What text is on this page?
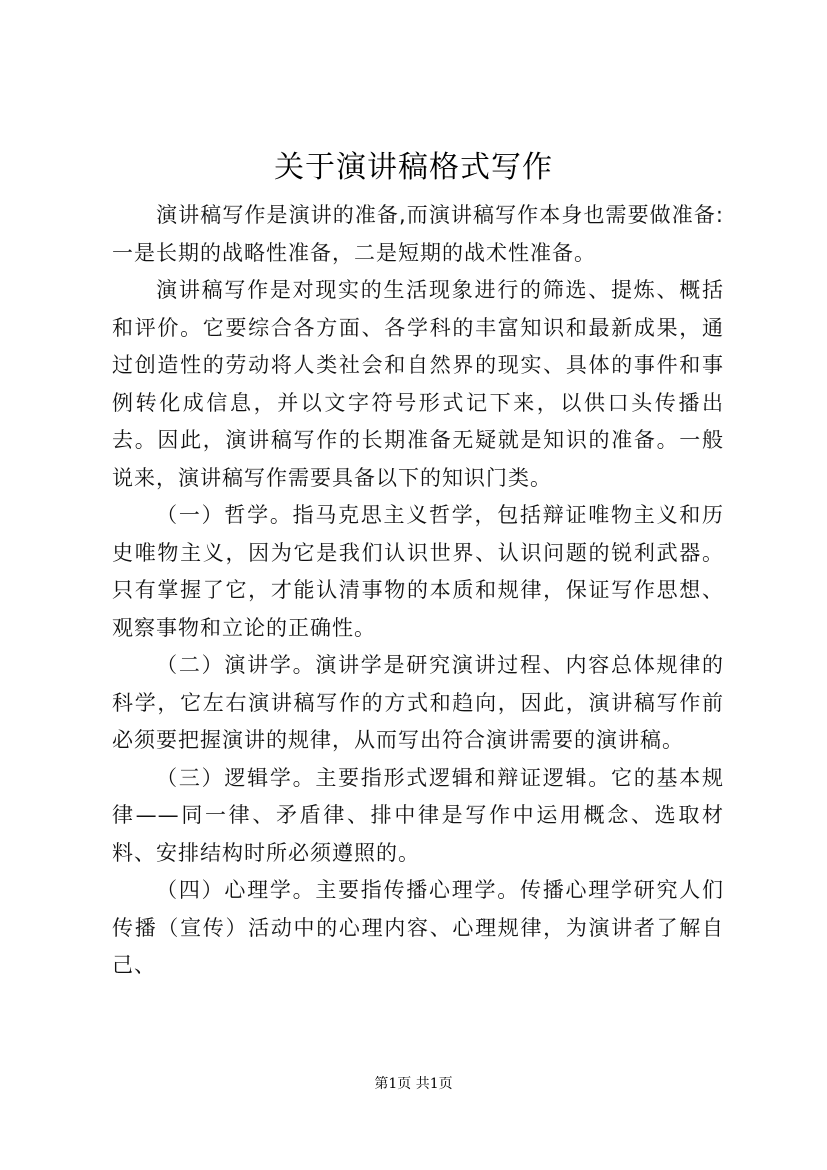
关于演讲稿格式写作

演讲稿写作是演讲的准备,而演讲稿写作本身也需要做准备:一是长期的战略性准备，二是短期的战术性准备。

演讲稿写作是对现实的生活现象进行的筛选、提炼、概括和评价。它要综合各方面、各学科的丰富知识和最新成果，通过创造性的劳动将人类社会和自然界的现实、具体的事件和事例转化成信息，并以文字符号形式记下来，以供口头传播出去。因此，演讲稿写作的长期准备无疑就是知识的准备。一般说来，演讲稿写作需要具备以下的知识门类。

（一）哲学。指马克思主义哲学，包括辩证唯物主义和历史唯物主义，因为它是我们认识世界、认识问题的锐利武器。只有掌握了它，才能认清事物的本质和规律，保证写作思想、观察事物和立论的正确性。

（二）演讲学。演讲学是研究演讲过程、内容总体规律的科学，它左右演讲稿写作的方式和趋向，因此，演讲稿写作前必须要把握演讲的规律，从而写出符合演讲需要的演讲稿。

（三）逻辑学。主要指形式逻辑和辩证逻辑。它的基本规律——同一律、矛盾律、排中律是写作中运用概念、选取材料、安排结构时所必须遵照的。

（四）心理学。主要指传播心理学。传播心理学研究人们传播（宣传）活动中的心理内容、心理规律，为演讲者了解自己、

第1页 共1页
